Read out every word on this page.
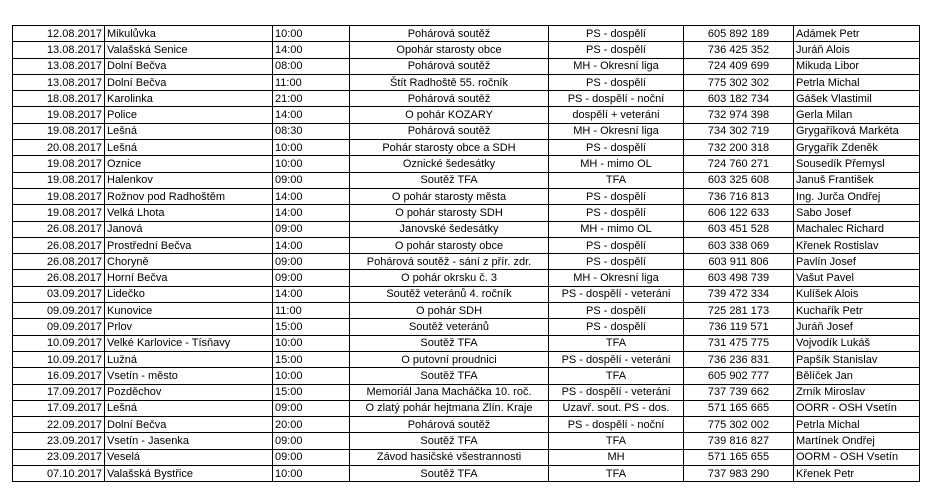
12.08.2017	Mikulůvka	10:00	Pohárová soutěž	PS - dospělí	605 892 189	Adámek Petr
13.08.2017	Valašská Senice	14:00	Opohár starosty obce	PS - dospělí	736 425 352	Juráň Alois
13.08.2017	Dolní Bečva	08:00	Pohárová soutěž	MH - Okresní liga	724 409 699	Mikuda Libor
13.08.2017	Dolní Bečva	11:00	Štít Radhoště 55. ročník	PS - dospělí	775 302 302	Petrla Michal
18.08.2017	Karolinka	21:00	Pohárová soutěž	PS - dospělí - noční	603 182 734	Gášek Vlastimil
19.08.2017	Police	14:00	O pohár KOZARY	dospělí + veteráni	732 974 398	Gerla Milan
19.08.2017	Lešná	08:30	Pohárová soutěž	MH - Okresní liga	734 302 719	Grygaříková Markéta
20.08.2017	Lešná	10:00	Pohár starosty obce a SDH	PS - dospělí	732 200 318	Grygařík Zdeněk
19.08.2017	Oznice	10:00	Oznické šedesátky	MH - mimo OL	724 760 271	Sousedík Přemysl
19.08.2017	Halenkov	09:00	Soutěž TFA	TFA	603 325 608	Januš František
19.08.2017	Rožnov pod Radhoštěm	14:00	O pohár starosty města	PS - dospělí	736 716 813	Ing. Jurča Ondřej
19.08.2017	Velká Lhota	14:00	O pohár starosty SDH	PS - dospělí	606 122 633	Sabo Josef
26.08.2017	Janová	09:00	Janovské šedesátky	MH - mimo OL	603 451 528	Machalec Richard
26.08.2017	Prostřední Bečva	14:00	O pohár starosty obce	PS - dospělí	603 338 069	Křenek Rostislav
26.08.2017	Choryně	09:00	Pohárová soutěž - sání z přír. zdr.	PS - dospělí	603 911 806	Pavlín Josef
26.08.2017	Horní Bečva	09:00	O pohár okrsku č. 3	MH - Okresní liga	603 498 739	Vašut Pavel
03.09.2017	Lidečko	14:00	Soutěž veteránů 4. ročník	PS - dospělí - veteráni	739 472 334	Kulíšek Alois
09.09.2017	Kunovice	11:00	O pohár SDH	PS - dospělí	725 281 173	Kuchařík Petr
09.09.2017	Prlov	15:00	Soutěž veteránů	PS - dospělí	736 119 571	Juráň Josef
10.09.2017	Velké Karlovice - Tísňavy	10:00	Soutěž TFA	TFA	731 475 775	Vojvodík Lukáš
10.09.2017	Lužná	15:00	O putovní proudnici	PS - dospělí - veteráni	736 236 831	Papšík Stanislav
16.09.2017	Vsetín - město	10:00	Soutěž TFA	TFA	605 902 777	Bělíček Jan
17.09.2017	Pozděchov	15:00	Memoriál Jana Macháčka 10. roč.	PS - dospělí - veteráni	737 739 662	Zrník Miroslav
17.09.2017	Lešná	09:00	O zlatý pohár hejtmana Zlín. Kraje	Uzavř. sout. PS - dos.	571 165 665	OORR - OSH Vsetín
22.09.2017	Dolní Bečva	20:00	Pohárová soutěž	PS - dospělí - noční	775 302 002	Petrla Michal
23.09.2017	Vsetín - Jasenka	09:00	Soutěž TFA	TFA	739 816 827	Martínek Ondřej
23.09.2017	Veselá	09:00	Závod hasičské všestrannosti	MH	571 165 655	OORM - OSH Vsetín
07.10.2017	Valašská Bystřice	10:00	Soutěž TFA	TFA	737 983 290	Křenek Petr
